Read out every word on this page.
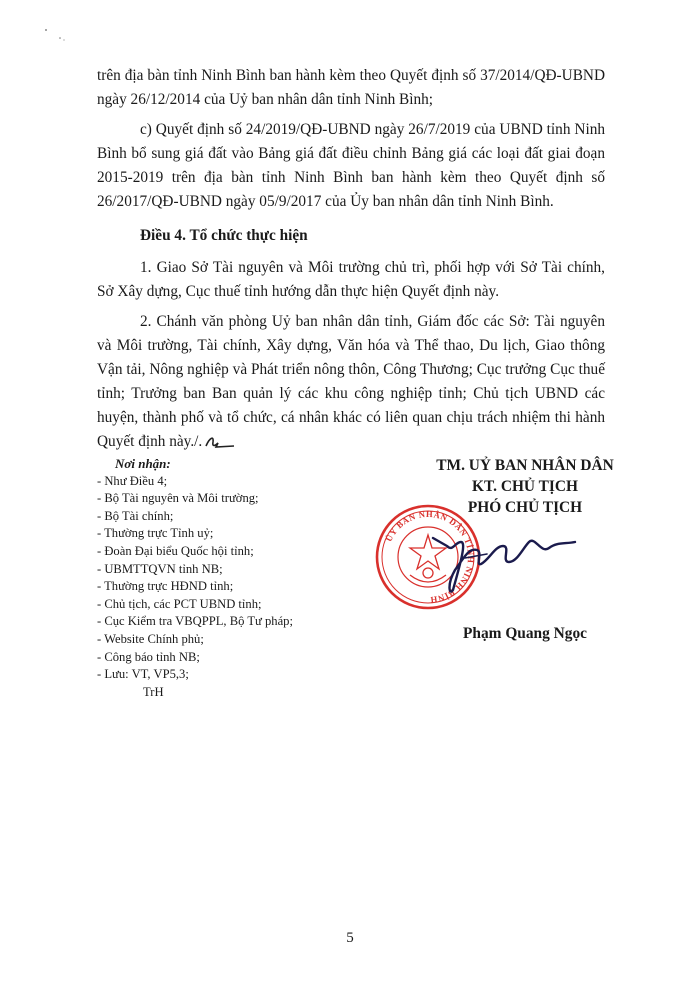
trên địa bàn tỉnh Ninh Bình ban hành kèm theo Quyết định số 37/2014/QĐ-UBND

ngày 26/12/2014 của Uỷ ban nhân dân tỉnh Ninh Bình;

c) Quyết định số 24/2019/QĐ-UBND ngày 26/7/2019 của UBND tỉnh Ninh Bình bổ sung giá đất vào Bảng giá đất điều chỉnh Bảng giá các loại đất giai đoạn 2015-2019 trên địa bàn tỉnh Ninh Bình ban hành kèm theo Quyết định số 26/2017/QĐ-UBND ngày 05/9/2017 của Ủy ban nhân dân tỉnh Ninh Bình.

Điều 4. Tổ chức thực hiện

1. Giao Sở Tài nguyên và Môi trường chủ trì, phối hợp với Sở Tài chính, Sở Xây dựng, Cục thuế tỉnh hướng dẫn thực hiện Quyết định này.

2. Chánh văn phòng Uỷ ban nhân dân tỉnh, Giám đốc các Sở: Tài nguyên và Môi trường, Tài chính, Xây dựng, Văn hóa và Thể thao, Du lịch, Giao thông Vận tải, Nông nghiệp và Phát triển nông thôn, Công Thương; Cục trưởng Cục thuế tỉnh; Trưởng ban Ban quản lý các khu công nghiệp tỉnh; Chủ tịch UBND các huyện, thành phố và tổ chức, cá nhân khác có liên quan chịu trách nhiệm thi hành Quyết định này./.

Nơi nhận:
- Như Điều 4;
- Bộ Tài nguyên và Môi trường;
- Bộ Tài chính;
- Thường trực Tỉnh uỷ;
- Đoàn Đại biểu Quốc hội tỉnh;
- UBMTTQVN tỉnh NB;
- Thường trực HĐND tỉnh;
- Chủ tịch, các PCT UBND tỉnh;
- Cục Kiểm tra VBQPPL, Bộ Tư pháp;
- Website Chính phủ;
- Công báo tỉnh NB;
- Lưu: VT, VP5,3;
TrH
TM. UỶ BAN NHÂN DÂN
KT. CHỦ TỊCH
PHÓ CHỦ TỊCH
ỦY BAN NHÂN DÂN TỈNH NINH BÌNH
Phạm Quang Ngọc
5
